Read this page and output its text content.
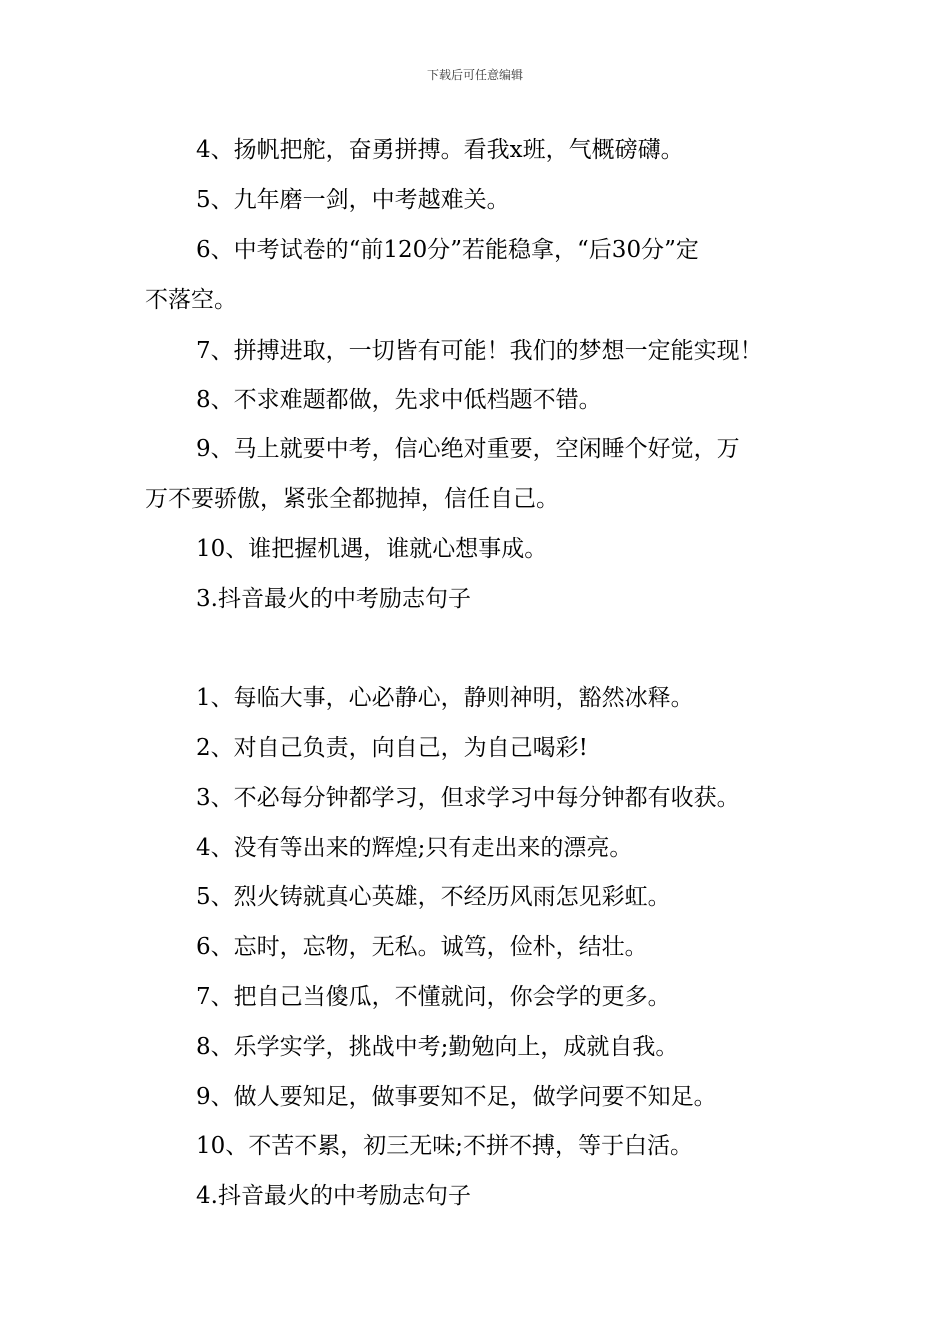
下载后可任意编辑
4、扬帆把舵，奋勇拼搏。看我x班，气概磅礴。
5、九年磨一剑，中考越难关。
6、中考试卷的“前120分”若能稳拿，“后30分”定
不落空。
7、拼搏进取，一切皆有可能！我们的梦想一定能实现！
8、不求难题都做，先求中低档题不错。
9、马上就要中考，信心绝对重要，空闲睡个好觉，万
万不要骄傲，紧张全都抛掉，信任自己。
10、谁把握机遇，谁就心想事成。
3.抖音最火的中考励志句子
1、每临大事，心必静心，静则神明，豁然冰释。
2、对自己负责，向自己，为自己喝彩!
3、不必每分钟都学习，但求学习中每分钟都有收获。
4、没有等出来的辉煌;只有走出来的漂亮。
5、烈火铸就真心英雄，不经历风雨怎见彩虹。
6、忘时，忘物，无私。诚笃，俭朴，结壮。
7、把自己当傻瓜，不懂就问，你会学的更多。
8、乐学实学，挑战中考;勤勉向上，成就自我。
9、做人要知足，做事要知不足，做学问要不知足。
10、不苦不累，初三无味;不拼不搏，等于白活。
4.抖音最火的中考励志句子
